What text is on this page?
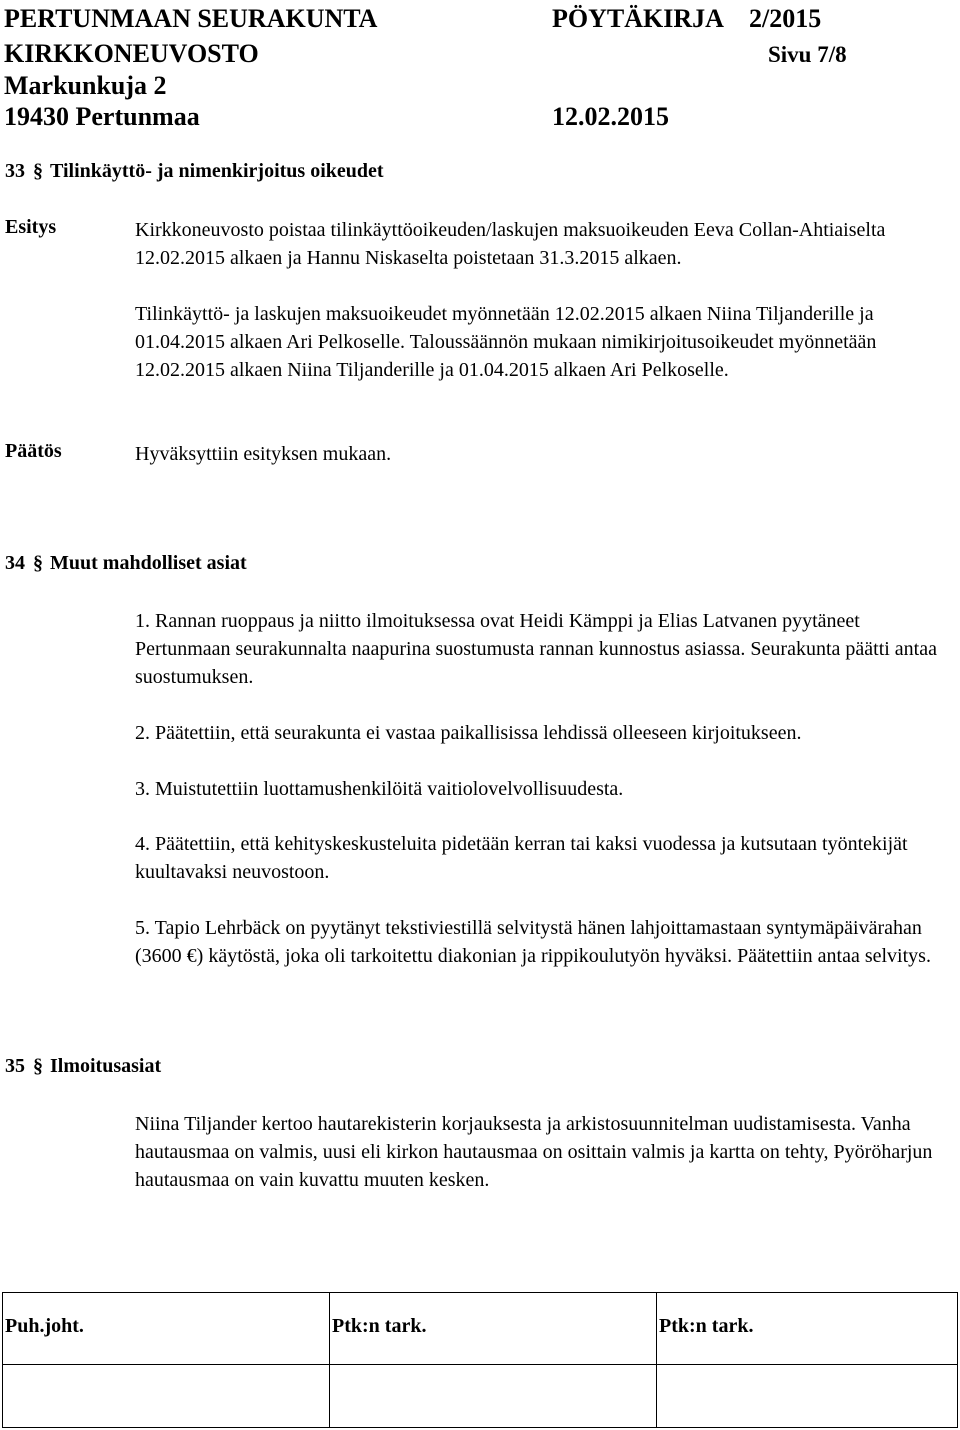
PERTUNMAAN SEURAKUNTA	PÖYTÄKIRJA 2/2015
KIRKKONEUVOSTO	Sivu 7/8
Markunkuja 2
19430 Pertunmaa	12.02.2015
33 § Tilinkäyttö- ja nimenkirjoitus oikeudet
Esitys	Kirkkoneuvosto poistaa tilinkäyttöoikeuden/laskujen maksuoikeuden Eeva Collan-Ahtiaiselta 12.02.2015 alkaen ja Hannu Niskaselta poistetaan 31.3.2015 alkaen.
Tilinkäyttö- ja laskujen maksuoikeudet myönnetään 12.02.2015 alkaen Niina Tiljanderille ja 01.04.2015 alkaen Ari Pelkoselle. Taloussäännön mukaan nimikirjoitusoikeudet myönnetään 12.02.2015 alkaen Niina Tiljanderille ja 01.04.2015 alkaen Ari Pelkoselle.
Päätös	Hyväksyttiin esityksen mukaan.
34 § Muut mahdolliset asiat
1. Rannan ruoppaus ja niitto ilmoituksessa ovat Heidi Kämppi ja Elias Latvanen pyytäneet Pertunmaan seurakunnalta naapurina suostumusta rannan kunnostus asiassa. Seurakunta päätti antaa suostumuksen.
2. Päätettiin, että seurakunta ei vastaa paikallisissa lehdissä olleeseen kirjoitukseen.
3. Muistutettiin luottamushenkilöitä vaitiolovelvollisuudesta.
4. Päätettiin, että kehityskeskusteluita pidetään kerran tai kaksi vuodessa ja kutsutaan työntekijät kuultavaksi neuvostoon.
5. Tapio Lehrbäck on pyytänyt tekstiviestillä selvitystä hänen lahjoittamastaan syntymäpäivärahan (3600 €) käytöstä, joka oli tarkoitettu diakonian ja rippikoulutyön hyväksi. Päätettiin antaa selvitys.
35 § Ilmoitusasiat
Niina Tiljander kertoo hautarekisterin korjauksesta ja arkistosuunnitelman uudistamisesta. Vanha hautausmaa on valmis, uusi eli kirkon hautausmaa on osittain valmis ja kartta on tehty, Pyöröharjun hautausmaa on vain kuvattu muuten kesken.
Puh.joht.	Ptk:n tark.	Ptk:n tark.
